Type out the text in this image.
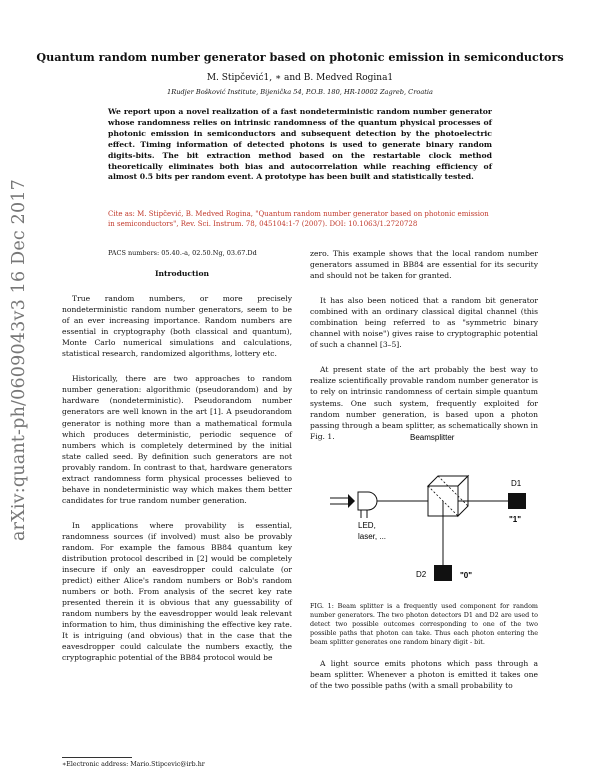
arXiv:quant-ph/0609043v3 16 Dec 2017
Quantum random number generator based on photonic emission in semiconductors
M. Stipčević1, ∗ and B. Medved Rogina1
1Rudjer Bošković Institute, Bijenička 54, P.O.B. 180, HR-10002 Zagreb, Croatia
We report upon a novel realization of a fast nondeterministic random number generator whose randomness relies on intrinsic randomness of the quantum physical processes of photonic emission in semiconductors and subsequent detection by the photoelectric effect. Timing information of detected photons is used to generate binary random digits-bits. The bit extraction method based on the restartable clock method theoretically eliminates both bias and autocorrelation while reaching efficiency of almost 0.5 bits per random event. A prototype has been built and statistically tested.
Cite as: M. Stipčević, B. Medved Rogina, "Quantum random number generator based on photonic emission in semiconductors", Rev. Sci. Instrum. 78, 045104:1-7 (2007). DOI: 10.1063/1.2720728
PACS numbers: 05.40.-a, 02.50.Ng, 03.67.Dd

Introduction

True random numbers, or more precisely nondeterministic random number generators, seem to be of an ever increasing importance. Random numbers are essential in cryptography (both classical and quantum), Monte Carlo numerical simulations and calculations, statistical research, randomized algorithms, lottery etc.

Historically, there are two approaches to random number generation: algorithmic (pseudorandom) and by hardware (nondeterministic). Pseudorandom number generators are well known in the art [1]. A pseudorandom generator is nothing more than a mathematical formula which produces deterministic, periodic sequence of numbers which is completely determined by the initial state called seed. By definition such generators are not provably random. In contrast to that, hardware generators extract randomness form physical processes believed to behave in nondeterministic way which makes them better candidates for true random number generation.

In applications where provability is essential, randomness sources (if involved) must also be provably random. For example the famous BB84 quantum key distribution protocol described in [2] would be completely insecure if only an eavesdropper could calculate (or predict) either Alice's random numbers or Bob's random numbers or both. From analysis of the secret key rate presented therein it is obvious that any guessability of random numbers by the eavesdropper would leak relevant information to him, thus diminishing the effective key rate. It is intriguing (and obvious) that in the case that the eavesdropper could calculate the numbers exactly, the cryptographic potential of the BB84 protocol would be

zero. This example shows that the local random number generators assumed in BB84 are essential for its security and should not be taken for granted.

It has also been noticed that a random bit generator combined with an ordinary classical digital channel (this combination being referred to as "symmetric binary channel with noise") gives raise to cryptographic potential of such a channel [3–5].

At present state of the art probably the best way to realize scientifically provable random number generator is to rely on intrinsic randomness of certain simple quantum systems. One such system, frequently exploited for random number generation, is based upon a photon passing through a beam splitter, as schematically shown in Fig. 1.	Beamsplitter
LED,
laser, ...
D1
"1"
D2	"0"
FIG. 1: Beam splitter is a frequently used component for random number generators. The two photon detectors D1 and D2 are used to detect two possible outcomes corresponding to one of the two possible paths that photon can take. Thus each photon entering the beam splitter generates one random binary digit - bit.

A light source emits photons which pass through a beam splitter. Whenever a photon is emitted it takes one of the two possible paths (with a small probability to

∗Electronic address: Mario.Stipcevic@irb.hr
